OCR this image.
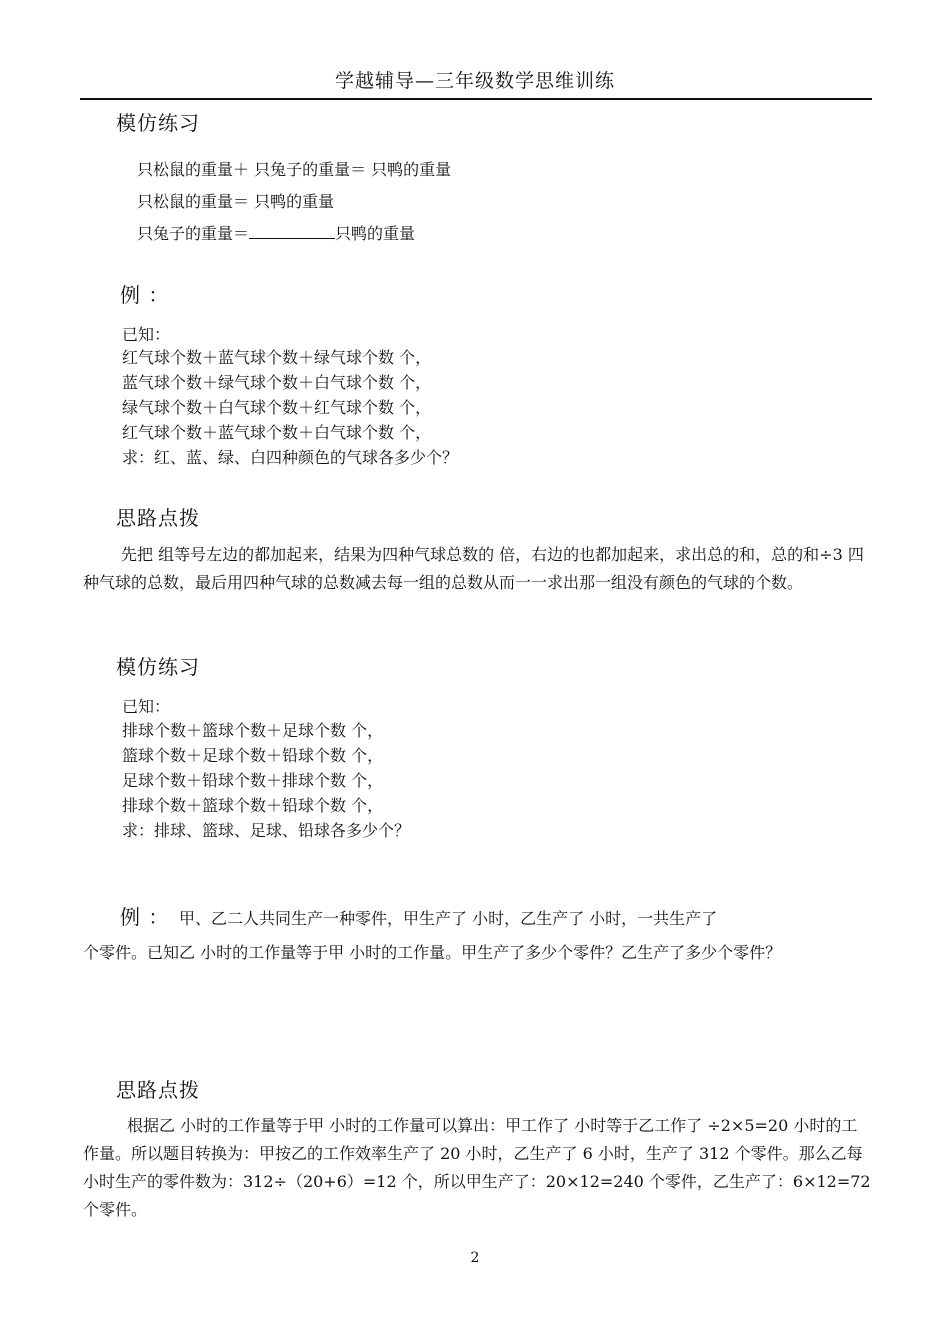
学越辅导—三年级数学思维训练
模仿练习
只松鼠的重量＋ 只兔子的重量＝ 只鸭的重量
只松鼠的重量＝ 只鸭的重量
只兔子的重量＝	只鸭的重量
例 ：
已知：
红气球个数＋蓝气球个数＋绿气球个数 个，
蓝气球个数＋绿气球个数＋白气球个数 个，
绿气球个数＋白气球个数＋红气球个数 个，
红气球个数＋蓝气球个数＋白气球个数 个，
求：红、蓝、绿、白四种颜色的气球各多少个？
思路点拨
先把 组等号左边的都加起来，结果为四种气球总数的 倍，右边的也都加起来，求出总的和，总的和÷3 四种气球的总数，最后用四种气球的总数减去每一组的总数从而一一求出那一组没有颜色的气球的个数。
模仿练习
已知：
排球个数＋篮球个数＋足球个数 个，
篮球个数＋足球个数＋铅球个数 个，
足球个数＋铅球个数＋排球个数 个，
排球个数＋篮球个数＋铅球个数 个，
求：排球、篮球、足球、铅球各多少个？
例 ： 甲、乙二人共同生产一种零件，甲生产了 小时，乙生产了 小时，一共生产了
个零件。已知乙 小时的工作量等于甲 小时的工作量。甲生产了多少个零件？乙生产了多少个零件？
思路点拨
根据乙 小时的工作量等于甲 小时的工作量可以算出：甲工作了 小时等于乙工作了 ÷2×5=20 小时的工作量。所以题目转换为：甲按乙的工作效率生产了 20 小时，乙生产了 6 小时，生产了 312 个零件。那么乙每小时生产的零件数为：312÷（20+6）=12 个，所以甲生产了：20×12=240 个零件，乙生产了：6×12=72 个零件。
2
